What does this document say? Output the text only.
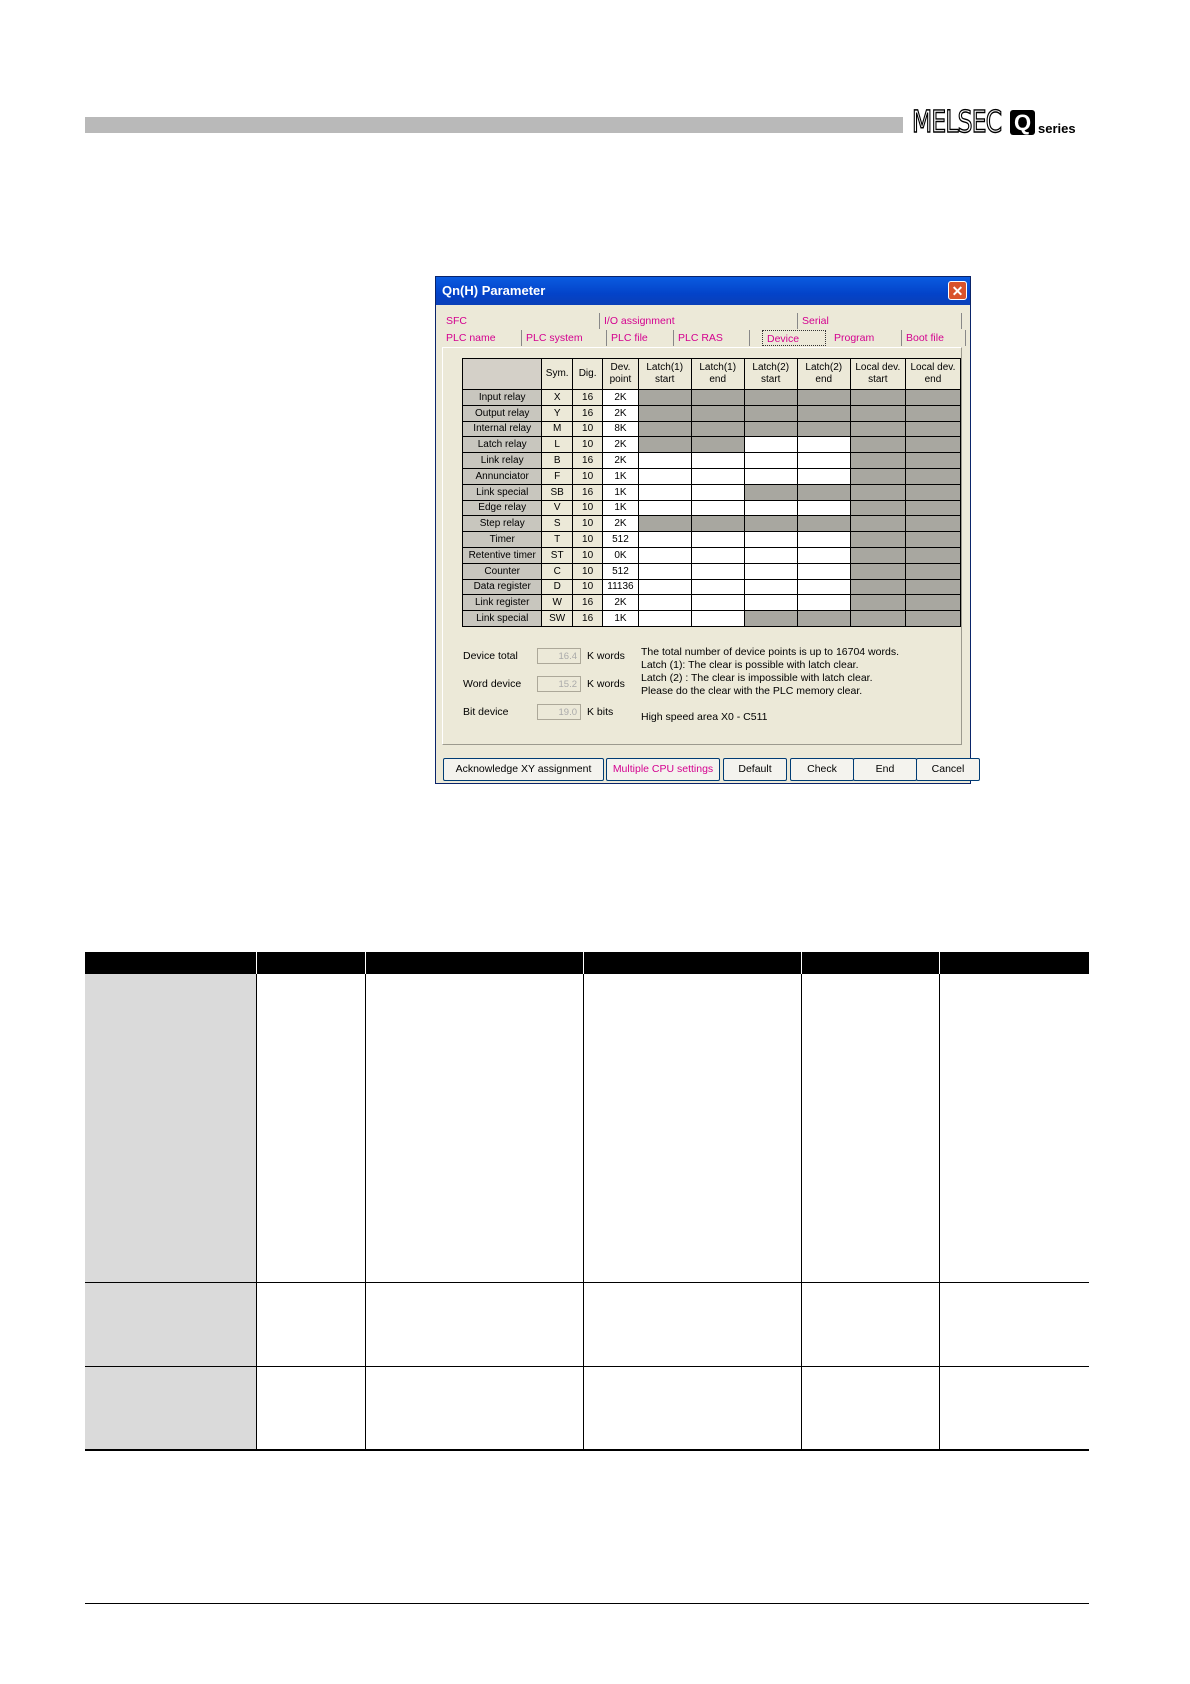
MELSEC Q series
Qn(H) Parameter	✕
SFC	I/O assignment	Serial
PLC name	PLC system	PLC file	PLC RAS	Device	Program	Boot file
	Sym.	Dig.	Dev. point	Latch(1) start	Latch(1) end	Latch(2) start	Latch(2) end	Local dev. start	Local dev. end
Input relay	X	16	2K						
Output relay	Y	16	2K						
Internal relay	M	10	8K						
Latch relay	L	10	2K						
Link relay	B	16	2K						
Annunciator	F	10	1K						
Link special	SB	16	1K						
Edge relay	V	10	1K						
Step relay	S	10	2K						
Timer	T	10	512						
Retentive timer	ST	10	0K						
Counter	C	10	512						
Data register	D	10	11136						
Link register	W	16	2K						
Link special	SW	16	1K						
Device total	16.4 K words
Word device	15.2 K words
Bit device	19.0 K bits
The total number of device points is up to 16704 words.
Latch (1): The clear is possible with latch clear.
Latch (2) : The clear is impossible with latch clear.
Please do the clear with the PLC memory clear.
High speed area X0 - C511
Acknowledge XY assignment	Multiple CPU settings	Default	Check	End	Cancel
